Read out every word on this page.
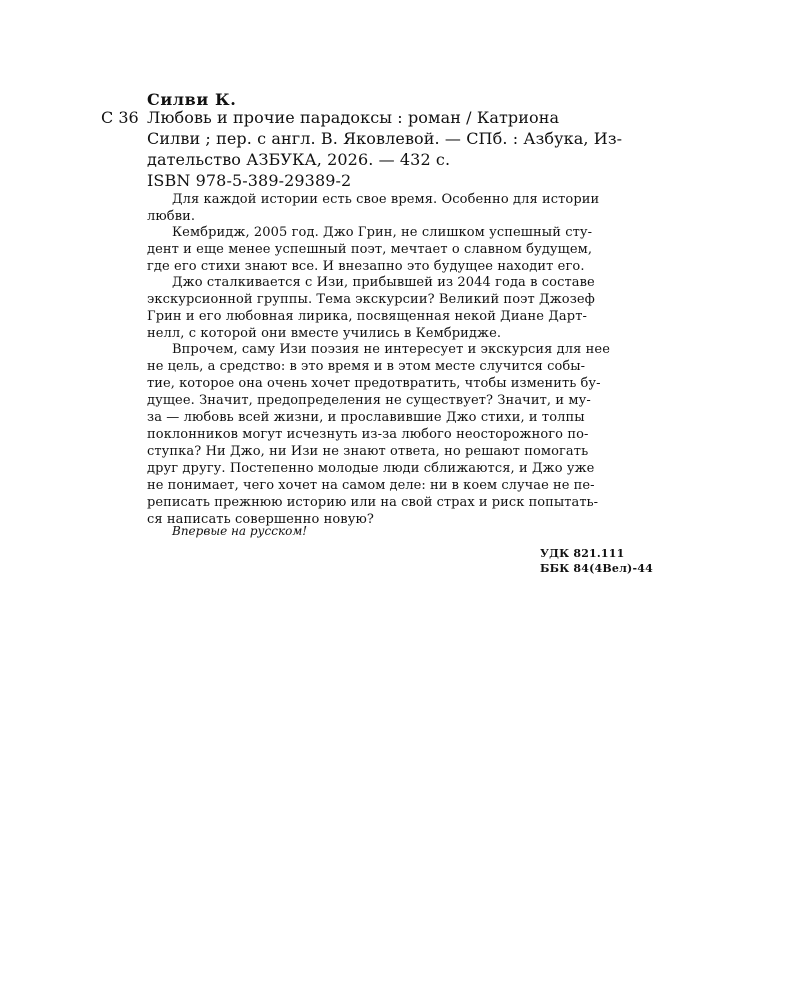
Силви К.
С 36 Любовь и прочие парадоксы : роман / Катриона
Силви ; пер. с англ. В. Яковлевой. — СПб. : Азбука, Из-
дательство АЗБУКА, 2026. — 432 с.
ISBN 978-5-389-29389-2
Для каждой истории есть свое время. Особенно для истории
любви.
Кембридж, 2005 год. Джо Грин, не слишком успешный сту-
дент и еще менее успешный поэт, мечтает о славном будущем,
где его стихи знают все. И внезапно это будущее находит его.
Джо сталкивается с Изи, прибывшей из 2044 года в составе
экскурсионной группы. Тема экскурсии? Великий поэт Джозеф
Грин и его любовная лирика, посвященная некой Диане Дарт-
нелл, с которой они вместе учились в Кембридже.
Впрочем, саму Изи поэзия не интересует и экскурсия для нее
не цель, а средство: в это время и в этом месте случится собы-
тие, которое она очень хочет предотвратить, чтобы изменить бу-
дущее. Значит, предопределения не существует? Значит, и му-
за — любовь всей жизни, и прославившие Джо стихи, и толпы
поклонников могут исчезнуть из-за любого неосторожного по-
ступка? Ни Джо, ни Изи не знают ответа, но решают помогать
друг другу. Постепенно молодые люди сближаются, и Джо уже
не понимает, чего хочет на самом деле: ни в коем случае не пе-
реписать прежнюю историю или на свой страх и риск попытать-
ся написать совершенно новую?
Впервые на русском!
УДК 821.111
ББК 84(4Вел)-44
